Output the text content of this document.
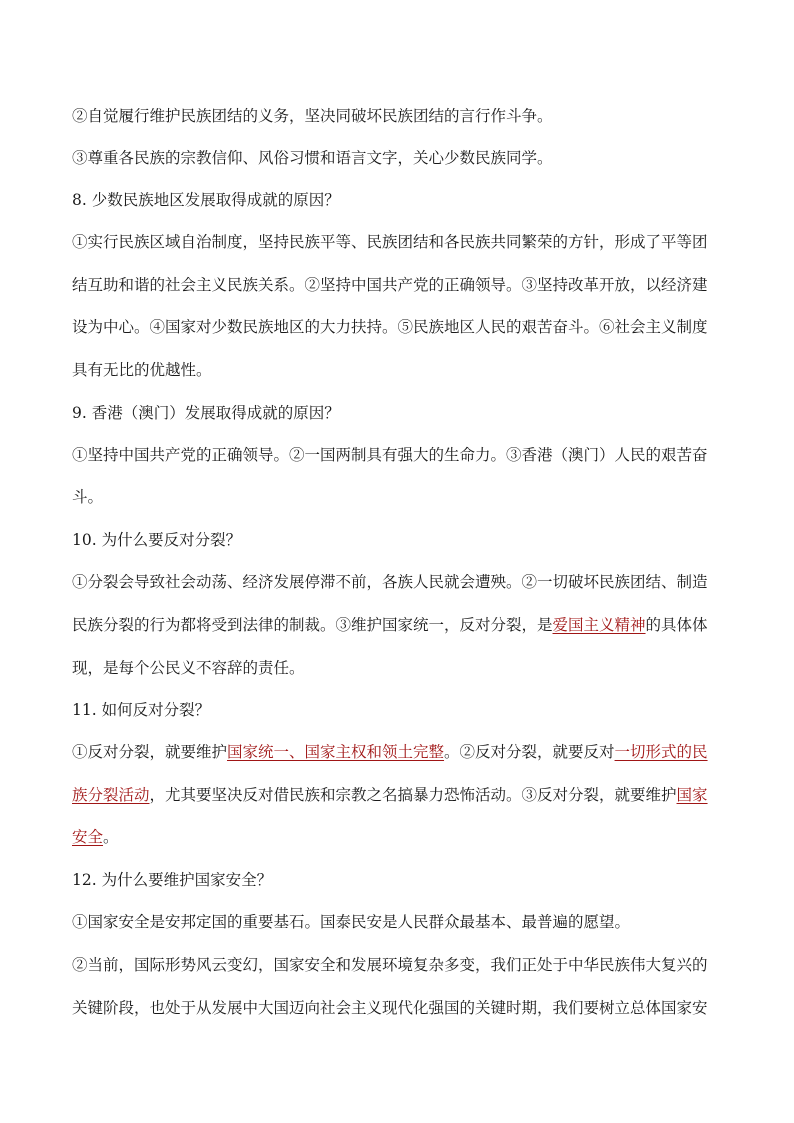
②自觉履行维护民族团结的义务，坚决同破坏民族团结的言行作斗争。
③尊重各民族的宗教信仰、风俗习惯和语言文字，关心少数民族同学。
8. 少数民族地区发展取得成就的原因？
①实行民族区域自治制度，坚持民族平等、民族团结和各民族共同繁荣的方针，形成了平等团
结互助和谐的社会主义民族关系。②坚持中国共产党的正确领导。③坚持改革开放，以经济建
设为中心。④国家对少数民族地区的大力扶持。⑤民族地区人民的艰苦奋斗。⑥社会主义制度
具有无比的优越性。
9. 香港（澳门）发展取得成就的原因？
①坚持中国共产党的正确领导。②一国两制具有强大的生命力。③香港（澳门）人民的艰苦奋
斗。
10. 为什么要反对分裂？
①分裂会导致社会动荡、经济发展停滞不前，各族人民就会遭殃。②一切破坏民族团结、制造
民族分裂的行为都将受到法律的制裁。③维护国家统一，反对分裂，是爱国主义精神的具体体
现，是每个公民义不容辞的责任。
11. 如何反对分裂？
①反对分裂，就要维护国家统一、国家主权和领土完整。②反对分裂，就要反对一切形式的民
族分裂活动，尤其要坚决反对借民族和宗教之名搞暴力恐怖活动。③反对分裂，就要维护国家
安全。
12. 为什么要维护国家安全？
①国家安全是安邦定国的重要基石。国泰民安是人民群众最基本、最普遍的愿望。
②当前，国际形势风云变幻，国家安全和发展环境复杂多变，我们正处于中华民族伟大复兴的
关键阶段，也处于从发展中大国迈向社会主义现代化强国的关键时期，我们要树立总体国家安
